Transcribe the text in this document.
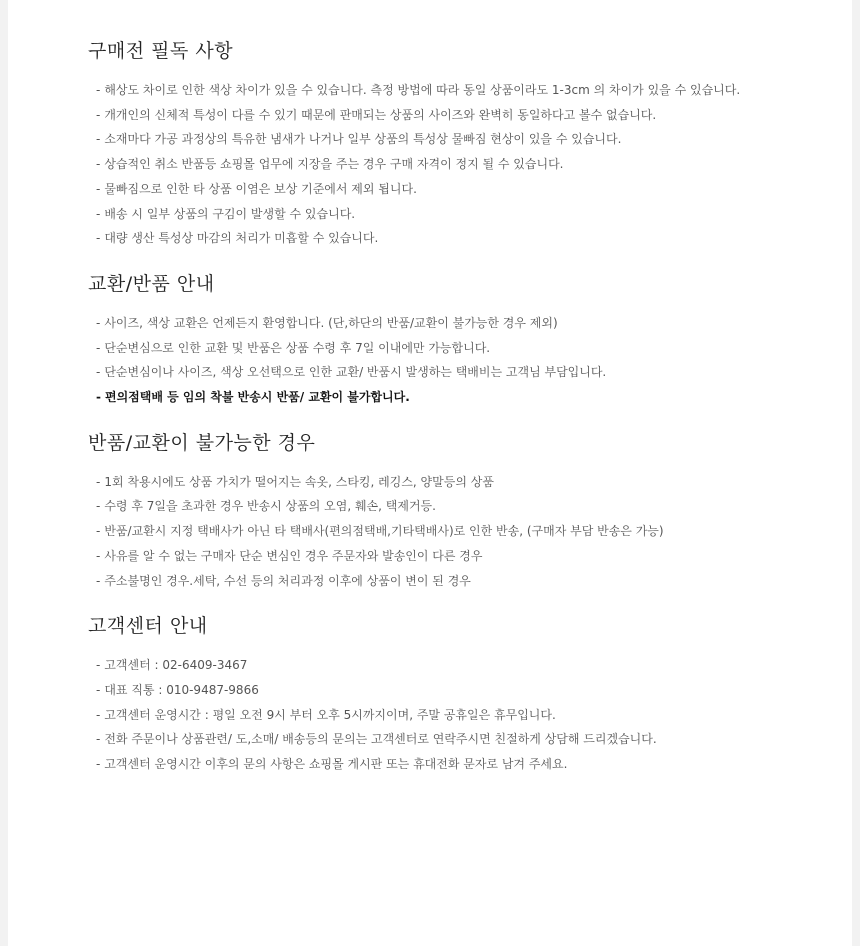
구매전 필독 사항
- 해상도 차이로 인한 색상 차이가 있을 수 있습니다. 측정 방법에 따라 동일 상품이라도 1-3cm 의 차이가 있을 수 있습니다.
- 개개인의 신체적 특성이 다를 수 있기 때문에 판매되는 상품의 사이즈와 완벽히 동일하다고 볼수 없습니다.
- 소재마다 가공 과정상의 특유한 냄새가 나거나 일부 상품의 특성상 물빠짐 현상이 있을 수 있습니다.
- 상습적인 취소 반품등 쇼핑몰 업무에 지장을 주는 경우 구매 자격이 정지 될 수 있습니다.
- 물빠짐으로 인한 타 상품 이염은 보상 기준에서 제외 됩니다.
- 배송 시 일부 상품의 구김이 발생할 수 있습니다.
- 대량 생산 특성상 마감의 처리가 미흡할 수 있습니다.
교환/반품 안내
- 사이즈, 색상 교환은 언제든지 환영합니다. (단,하단의 반품/교환이 불가능한 경우 제외)
- 단순변심으로 인한 교환 및 반품은 상품 수령 후 7일 이내에만 가능합니다.
- 단순변심이나 사이즈, 색상 오선택으로 인한 교환/ 반품시 발생하는 택배비는 고객님 부담입니다.
- 편의점택배 등 임의 착불 반송시 반품/ 교환이 불가합니다.
반품/교환이 불가능한 경우
- 1회 착용시에도 상품 가치가 떨어지는 속옷, 스타킹, 레깅스, 양말등의 상품
- 수령 후 7일을 초과한 경우 반송시 상품의 오염, 훼손, 택제거등.
- 반품/교환시 지정 택배사가 아닌 타 택배사(편의점택배,기타택배사)로 인한 반송, (구매자 부담 반송은 가능)
- 사유를 알 수 없는 구매자 단순 변심인 경우 주문자와 발송인이 다른 경우
- 주소불명인 경우.세탁, 수선 등의 처리과정 이후에 상품이 변이 된 경우
고객센터 안내
- 고객센터 : 02-6409-3467
- 대표 직통 : 010-9487-9866
- 고객센터 운영시간 : 평일 오전 9시 부터 오후 5시까지이며, 주말 공휴일은 휴무입니다.
- 전화 주문이나 상품관련/ 도,소매/ 배송등의 문의는 고객센터로 연락주시면 친절하게 상담해 드리겠습니다.
- 고객센터 운영시간 이후의 문의 사항은 쇼핑몰 게시판 또는 휴대전화 문자로 남겨 주세요.
